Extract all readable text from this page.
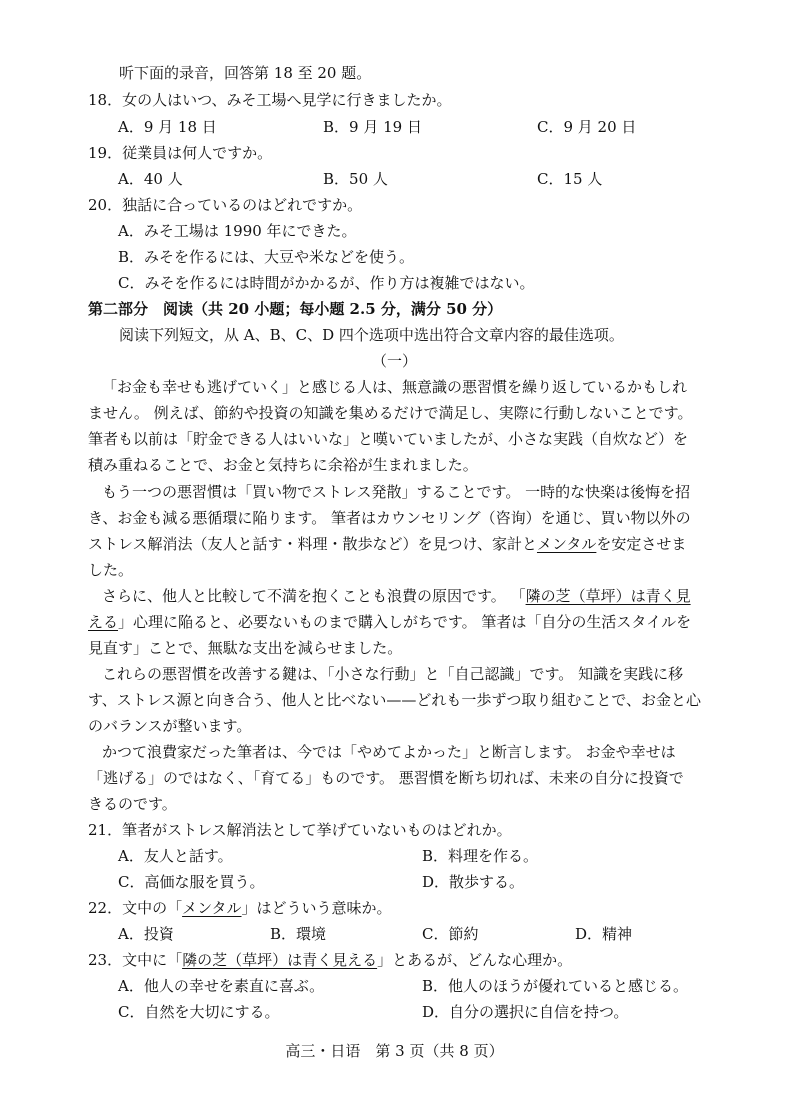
听下面的录音，回答第 18 至 20 题。
18．女の人はいつ、みそ工場へ見学に行きましたか。
A．9 月 18 日	B．9 月 19 日	C．9 月 20 日
19．従業員は何人ですか。
A．40 人	B．50 人	C．15 人
20．独話に合っているのはどれですか。
A．みそ工場は 1990 年にできた。
B．みそを作るには、大豆や米などを使う。
C．みそを作るには時間がかかるが、作り方は複雑ではない。
第二部分　阅读（共 20 小题；每小题 2.5 分，满分 50 分）
阅读下列短文，从 A、B、C、D 四个选项中选出符合文章内容的最佳选项。
（一）
「お金も幸せも逃げていく」と感じる人は、無意識の悪習慣を繰り返しているかもしれ
ません。 例えば、節約や投資の知識を集めるだけで満足し、実際に行動しないことです。
筆者も以前は「貯金できる人はいいな」と嘆いていましたが、小さな実践（自炊など）を
積み重ねることで、お金と気持ちに余裕が生まれました。
もう一つの悪習慣は「買い物でストレス発散」することです。 一時的な快楽は後悔を招
き、お金も減る悪循環に陥ります。 筆者はカウンセリング（咨询）を通じ、買い物以外の
ストレス解消法（友人と話す・料理・散歩など）を見つけ、家計とメンタルを安定させま
した。
さらに、他人と比較して不満を抱くことも浪費の原因です。 「隣の芝（草坪）は青く見
える」心理に陥ると、必要ないものまで購入しがちです。 筆者は「自分の生活スタイルを
見直す」ことで、無駄な支出を減らせました。
これらの悪習慣を改善する鍵は、「小さな行動」と「自己認識」です。 知識を実践に移
す、ストレス源と向き合う、他人と比べない——どれも一歩ずつ取り組むことで、お金と心
のバランスが整います。
かつて浪費家だった筆者は、今では「やめてよかった」と断言します。 お金や幸せは
「逃げる」のではなく、「育てる」ものです。 悪習慣を断ち切れば、未来の自分に投資で
きるのです。
21．筆者がストレス解消法として挙げていないものはどれか。
A．友人と話す。	B．料理を作る。
C．高価な服を買う。	D．散歩する。
22．文中の「メンタル」はどういう意味か。
A．投資	B．環境	C．節約	D．精神
23．文中に「隣の芝（草坪）は青く見える」とあるが、どんな心理か。
A．他人の幸せを素直に喜ぶ。	B．他人のほうが優れていると感じる。
C．自然を大切にする。	D．自分の選択に自信を持つ。
高三・日语　第 3 页（共 8 页）
